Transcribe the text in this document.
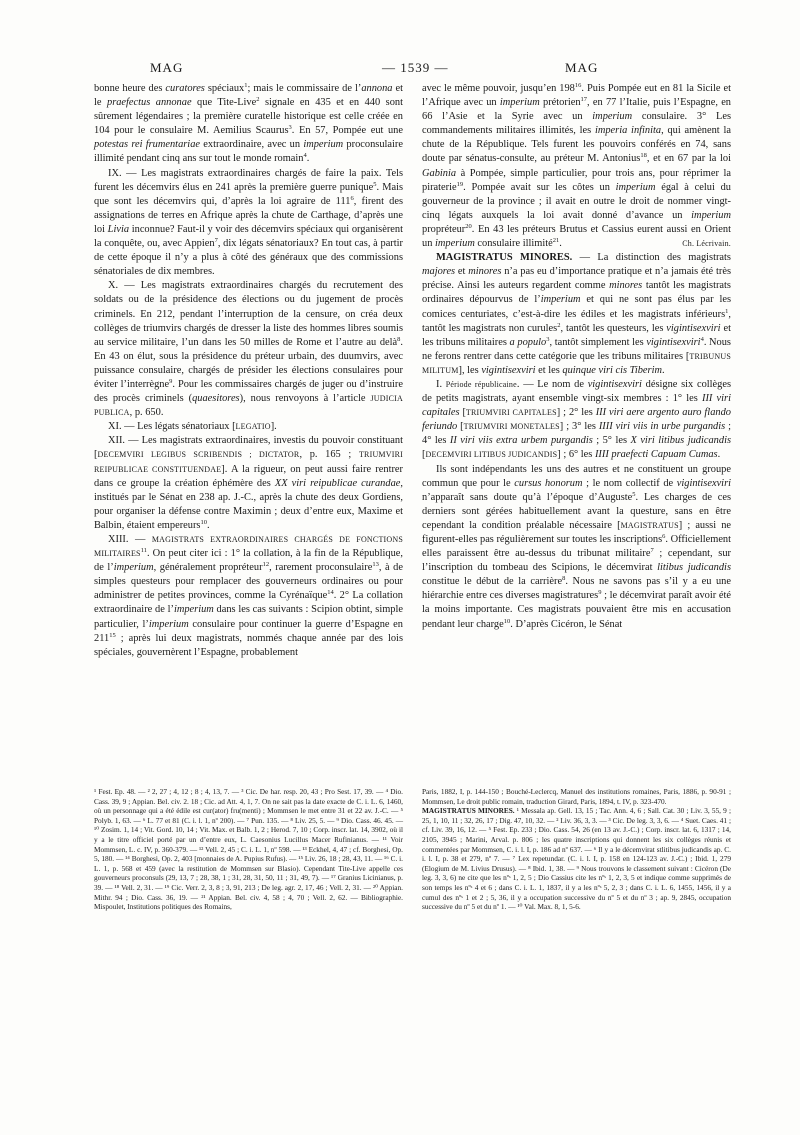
MAG	— 1539 —	MAG

bonne heure des curatores spéciaux$^1$; mais le commissaire de l’annona et le praefectus annonae que Tite-Live$^2$ signale en 435 et en 440 sont sûrement légendaires ; la première curatelle historique est celle créée en 104 pour le consulaire M. Aemilius Scaurus$^3$. En 57, Pompée eut une potestas rei frumentariae extraordinaire, avec un imperium proconsulaire illimité pendant cinq ans sur tout le monde romain$^4$.

IX. — Les magistrats extraordinaires chargés de faire la paix. Tels furent les décemvirs élus en 241 après la première guerre punique$^5$. Mais que sont les décemvirs qui, d’après la loi agraire de $111^6$, firent des assignations de terres en Afrique après la chute de Carthage, d’après une loi Livia inconnue? Faut-il y voir des décemvirs spéciaux qui organisèrent la conquête, ou, avec Appien$^7$, dix légats sénatoriaux? En tout cas, à partir de cette époque il n’y a plus à côté des généraux que des commissions sénatoriales de dix membres.

X. — Les magistrats extraordinaires chargés du recrutement des soldats ou de la présidence des élections ou du jugement de procès criminels. En 212, pendant l’interruption de la censure, on créa deux collèges de triumvirs chargés de dresser la liste des hommes libres soumis au service militaire, l’un dans les 50 milles de Rome et l’autre au delà$^8$. En 43 on élut, sous la présidence du préteur urbain, des duumvirs, avec puissance consulaire, chargés de présider les élections consulaires pour éviter l’interrègne$^9$. Pour les commissaires chargés de juger ou d’instruire des procès criminels (quaesitores), nous renvoyons à l’article JUDICIA PUBLICA, p. 650.

XI. — Les légats sénatoriaux [LEGATIO].

XII. — Les magistrats extraordinaires, investis du pouvoir constituant [DECEMVIRI LEGIBUS SCRIBENDIS ; DICTATOR, p. 165 ; TRIUMVIRI REIPUBLICAE CONSTITUENDAE]. A la rigueur, on peut aussi faire rentrer dans ce groupe la création éphémère des XX viri reipublicae curandae, institués par le Sénat en 238 ap. J.-C., après la chute des deux Gordiens, pour organiser la défense contre Maximin ; deux d’entre eux, Maxime et Balbin, étaient empereurs$^{10}$.

XIII. — MAGISTRATS EXTRAORDINAIRES CHARGÉS DE FONCTIONS MILITAIRES$^{11}$. On peut citer ici : 1° la collation, à la fin de la République, de l’imperium, généralement propréteur$^{12}$, rarement proconsulaire$^{13}$, à de simples questeurs pour remplacer des gouverneurs ordinaires ou pour administrer de petites provinces, comme la Cyrénaïque$^{14}$. 2° La collation extraordinaire de l’imperium dans les cas suivants : Scipion obtint, simple particulier, l’imperium consulaire pour continuer la guerre d’Espagne en $211^{15}$ ; après lui deux magistrats, nommés chaque année par des lois spéciales, gouvernèrent l’Espagne, probablement

avec le même pouvoir, jusqu’en $198^{16}$. Puis Pompée eut en 81 la Sicile et l’Afrique avec un imperium prétorien$^{17}$, en 77 l’Italie, puis l’Espagne, en 66 l’Asie et la Syrie avec un imperium consulaire. 3° Les commandements militaires illimités, les imperia infinita, qui amènent la chute de la République. Tels furent les pouvoirs conférés en 74, sans doute par sénatus-consulte, au préteur M. Antonius$^{18}$, et en 67 par la loi Gabinia à Pompée, simple particulier, pour trois ans, pour réprimer la piraterie$^{19}$. Pompée avait sur les côtes un imperium égal à celui du gouverneur de la province ; il avait en outre le droit de nommer vingt-cinq légats auxquels la loi avait donné d’avance un imperium propréteur$^{20}$. En 43 les préteurs Brutus et Cassius eurent aussi en Orient un imperium consulaire illimité$^{21}$.	Ch. Lécrivain.

MAGISTRATUS MINORES. — La distinction des magistrats majores et minores n’a pas eu d’importance pratique et n’a jamais été très précise. Ainsi les auteurs regardent comme minores tantôt les magistrats ordinaires dépourvus de l’imperium et qui ne sont pas élus par les comices centuriates, c’est-à-dire les édiles et les magistrats inférieurs$^1$, tantôt les magistrats non curules$^2$, tantôt les questeurs, les vigintisexviri et les tribuns militaires a populo$^3$, tantôt simplement les vigintisexviri$^4$. Nous ne ferons rentrer dans cette catégorie que les tribuns militaires [TRIBUNUS MILITUM], les vigintisexviri et les quinque viri cis Tiberim.

I. Période républicaine. — Le nom de vigintisexviri désigne six collèges de petits magistrats, ayant ensemble vingt-six membres : 1° les III viri capitales [TRIUMVIRI CAPITALES] ; 2° les III viri aere argento auro flando feriundo [TRIUMVIRI MONETALES] ; 3° les IIII viri viis in urbe purgandis ; 4° les II viri viis extra urbem purgandis ; 5° les X viri litibus judicandis [DECEMVIRI LITIBUS JUDICANDIS] ; 6° les IIII praefecti Capuam Cumas.

Ils sont indépendants les uns des autres et ne constituent un groupe commun que pour le cursus honorum ; le nom collectif de vigintisexviri n’apparaît sans doute qu’à l’époque d’Auguste$^5$. Les charges de ces derniers sont gérées habituellement avant la questure, sans en être cependant la condition préalable nécessaire [MAGISTRATUS] ; aussi ne figurent-elles pas régulièrement sur toutes les inscriptions$^6$. Officiellement elles paraissent être au-dessus du tribunat militaire$^7$ ; cependant, sur l’inscription du tombeau des Scipions, le décemvirat litibus judicandis constitue le début de la carrière$^8$. Nous ne savons pas s’il y a eu une hiérarchie entre ces diverses magistratures$^9$ ; le décemvirat paraît avoir été la moins importante. Ces magistrats pouvaient être mis en accusation pendant leur charge$^{10}$. D’après Cicéron, le Sénat

¹ Fest. Ep. 48. — ² 2, 27 ; 4, 12 ; 8 ; 4, 13, 7. — ³ Cic. De har. resp. 20, 43 ; Pro Sest. 17, 39. — ⁴ Dio. Cass. 39, 9 ; Appian. Bel. civ. 2. 18 ; Cic. ad Att. 4, 1, 7. On ne sait pas la date exacte de C. i. L. 6, 1460, où un personnage qui a été édile est cur(ator) fru(menti) ; Mommsen le met entre 31 et 22 av. J.-C. — ⁵ Polyb. 1, 63. — ⁶ L. 77 et 81 (C. i. l. 1, nº 200). — ⁷ Pun. 135. — ⁸ Liv. 25, 5. — ⁹ Dio. Cass. 46. 45. — ¹⁰ Zosim. 1, 14 ; Vit. Gord. 10, 14 ; Vit. Max. et Balb. 1, 2 ; Herod. 7, 10 ; Corp. inscr. lat. 14, 3902, où il y a le titre officiel porté par un d’entre eux, L. Caesonius Lucillus Macer Rufinianus. — ¹¹ Voir Mommsen, L. c. IV, p. 360-379. — ¹² Vell. 2, 45 ; C. i. L. 1, nº 598. — ¹³ Eckhel, 4, 47 ; cf. Borghesi, Op. 5, 180. — ¹⁴ Borghesi, Op. 2, 403 [monnaies de A. Pupius Rufus). — ¹⁵ Liv. 26, 18 ; 28, 43, 11. — ¹⁶ C. i. L. 1, p. 568 et 459 (avec la restitution de Mommsen sur Blasio). Cependant Tite-Live appelle ces gouverneurs proconsuls (29, 13, 7 ; 28, 38, 1 ; 31, 28, 31, 50, 11 ; 31, 49, 7). — ¹⁷ Granius Licinianus, p. 39. — ¹⁸ Vell. 2, 31. — ¹⁹ Cic. Verr. 2, 3, 8 ; 3, 91, 213 ; De leg. agr. 2, 17, 46 ; Vell. 2, 31. — ²⁰ Appian. Mithr. 94 ; Dio. Cass. 36, 19. — ²¹ Appian. Bel. civ. 4, 58 ; 4, 70 ; Vell. 2, 62. — Bibliographie. Mispoulet, Institutions politiques des Romains,

Paris, 1882, I, p. 144-150 ; Bouché-Leclercq, Manuel des institutions romaines, Paris, 1886, p. 90-91 ; Mommsen, Le droit public romain, traduction Girard, Paris, 1894, t. IV, p. 323-470.

MAGISTRATUS MINORES. ¹ Messala ap. Gell. 13, 15 ; Tac. Ann. 4, 6 ; Sall. Cat. 30 ; Liv. 3, 55, 9 ; 25, 1, 10, 11 ; 32, 26, 17 ; Dig. 47, 10, 32. — ² Liv. 36, 3, 3. — ³ Cic. De leg. 3, 3, 6. — ⁴ Suet. Caes. 41 ; cf. Liv. 39, 16, 12. — ⁵ Fest. Ep. 233 ; Dio. Cass. 54, 26 (en 13 av. J.-C.) ; Corp. inscr. lat. 6, 1317 ; 14, 2105, 3945 ; Marini, Arval. p. 806 ; les quatre inscriptions qui donnent les six collèges réunis et commentées par Mommsen, C. i. l. I, p. 186 ad nº 637. — ⁶ Il y a le décemvirat stlitibus judicandis ap. C. i. l. I, p. 38 et 279, nº 7. — ⁷ Lex repetundar. (C. i. l. I, p. 158 en 124-123 av. J.-C.) ; Ibid. 1, 279 (Elogium de M. Livius Drusus). — ⁸ Ibid. 1, 38. — ⁹ Nous trouvons le classement suivant : Cicéron (De leg. 3, 3, 6) ne cite que les nºˢ 1, 2, 5 ; Dio Cassius cite les nºˢ 1, 2, 3, 5 et indique comme supprimés de son temps les nºˢ 4 et 6 ; dans C. i. L. 1, 1837, il y a les nºˢ 5, 2, 3 ; dans C. i. L. 6, 1455, 1456, il y a cumul des nºˢ 1 et 2 ; 5, 36, il y a occupation successive du nº 5 et du nº 3 ; ap. 9, 2845, occupation successive du nº 5 et du nº 1. — ¹⁰ Val. Max. 8, 1, 5-6.
